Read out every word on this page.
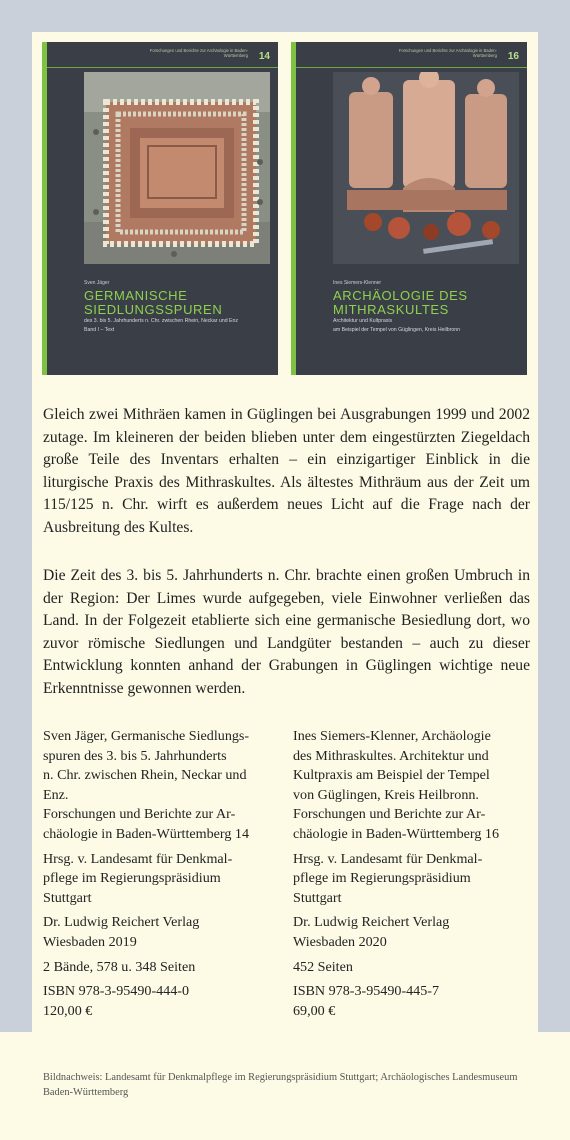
Forschungen und Berichte zur Archäologie in Baden-Württemberg 14
Sven Jäger
GERMANISCHE
SIEDLUNGSSPUREN
des 3. bis 5. Jahrhunderts n. Chr. zwischen Rhein, Neckar und Enz
Band I – Text
Forschungen und Berichte zur Archäologie in Baden-Württemberg 16
Ines Siemers-Klenner
ARCHÄOLOGIE DES
MITHRASKULTES
Architektur und Kultpraxis
am Beispiel der Tempel von Güglingen, Kreis Heilbronn

Gleich zwei Mithräen kamen in Güglingen bei Ausgrabungen 1999 und 2002 zutage. Im kleineren der beiden blieben unter dem eingestürzten Ziegeldach große Teile des Inventars erhalten – ein einzigartiger Einblick in die liturgische Praxis des Mithraskultes. Als ältestes Mithräum aus der Zeit um 115/125 n. Chr. wirft es außerdem neues Licht auf die Frage nach der Ausbreitung des Kultes.

Die Zeit des 3. bis 5. Jahrhunderts n. Chr. brachte einen großen Umbruch in der Region: Der Limes wurde aufgegeben, viele Einwohner verließen das Land. In der Folgezeit etablierte sich eine germanische Besiedlung dort, wo zuvor römische Siedlungen und Landgüter bestanden – auch zu dieser Entwicklung konnten anhand der Grabungen in Güglingen wichtige neue Erkenntnisse gewonnen werden.

Sven Jäger, Germanische Siedlungs-
spuren des 3. bis 5. Jahrhunderts
n. Chr. zwischen Rhein, Neckar und
Enz.
Forschungen und Berichte zur Ar-
chäologie in Baden-Württemberg 14

Hrsg. v. Landesamt für Denkmal-
pflege im Regierungspräsidium
Stuttgart

Dr. Ludwig Reichert Verlag
Wiesbaden 2019

2 Bände, 578 u. 348 Seiten

ISBN 978-3-95490-444-0

120,00 €

Ines Siemers-Klenner, Archäologie
des Mithraskultes. Architektur und
Kultpraxis am Beispiel der Tempel
von Güglingen, Kreis Heilbronn.
Forschungen und Berichte zur Ar-
chäologie in Baden-Württemberg 16

Hrsg. v. Landesamt für Denkmal-
pflege im Regierungspräsidium
Stuttgart

Dr. Ludwig Reichert Verlag
Wiesbaden 2020

452 Seiten

ISBN 978-3-95490-445-7

69,00 €

Bildnachweis: Landesamt für Denkmalpflege im Regierungspräsidium Stuttgart; Archäologisches Landesmuseum Baden-Württemberg
